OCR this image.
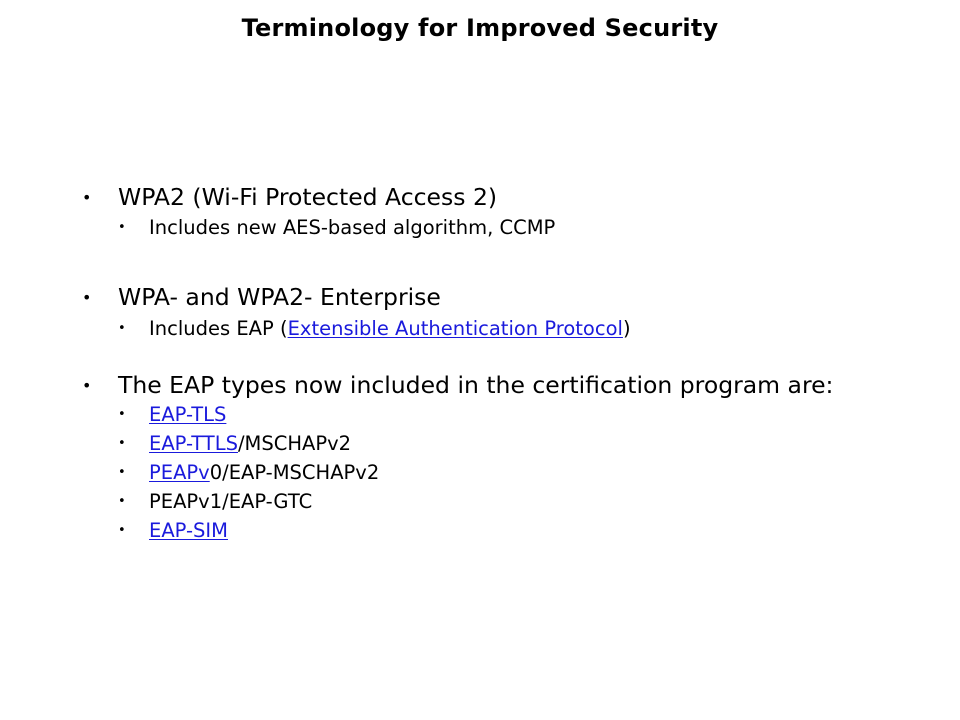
Terminology for Improved Security
• WPA2 (Wi-Fi Protected Access 2)
• Includes new AES-based algorithm, CCMP
• WPA- and WPA2- Enterprise
• Includes EAP (Extensible Authentication Protocol)
• The EAP types now included in the certification program are:
• EAP-TLS
• EAP-TTLS/MSCHAPv2
• PEAPv0/EAP-MSCHAPv2
• PEAPv1/EAP-GTC
• EAP-SIM
